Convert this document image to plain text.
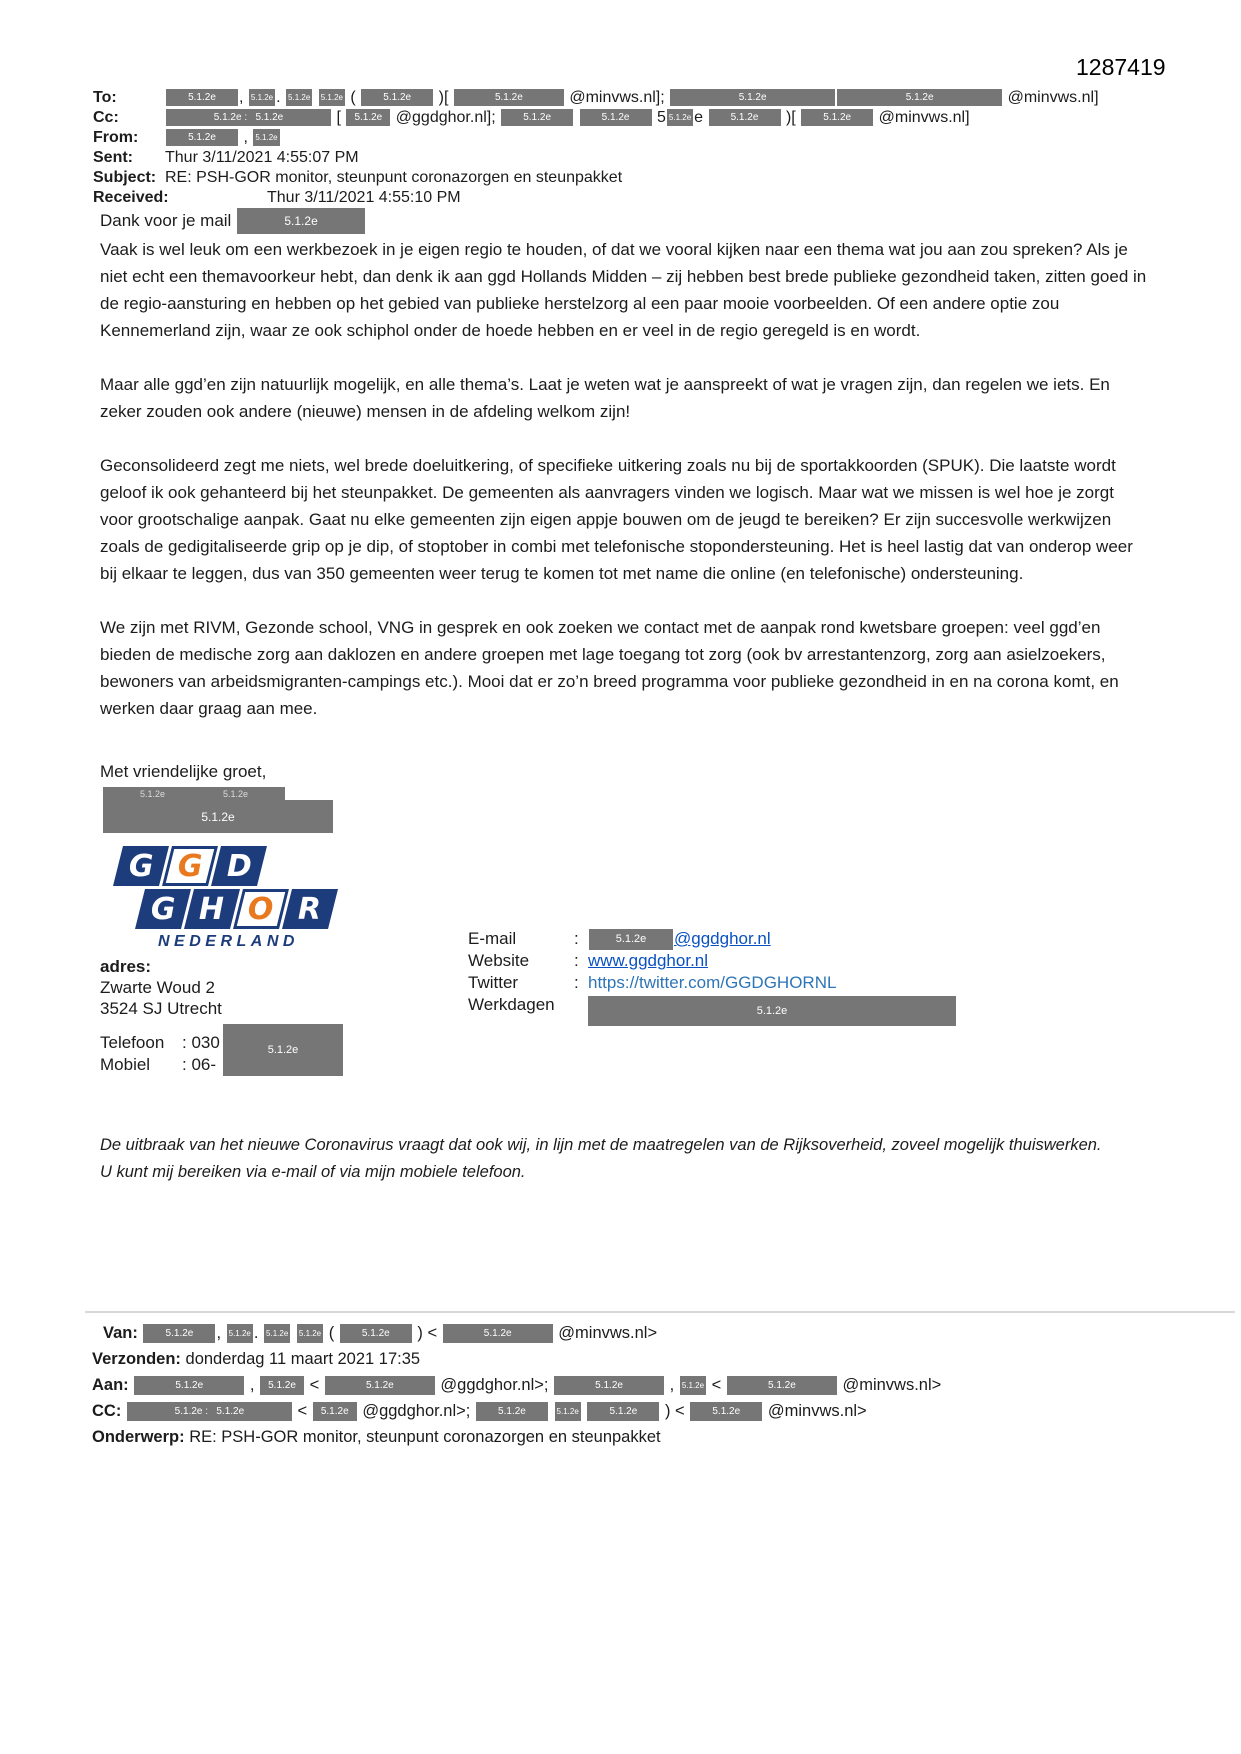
1287419
To:	5.1.2e , 5.1.2e . 5.1.2e 5.1.2e ( 5.1.2e )[	5.1.2e	@minvws.nl];	5.1.2e	5.1.2e	@minvws.nl]
Cc:	5.1.2e :   5.1.2e	[ 5.1.2e @ggdghor.nl]; 5.1.2e	5.1.2e 5 5.1.2e e 5.1.2e )[ 5.1.2e @minvws.nl]
From:	5.1.2e , 5.1.2e
Sent:	Thur 3/11/2021 4:55:07 PM
Subject: RE: PSH-GOR monitor, steunpunt coronazorgen en steunpakket
Received:	Thur 3/11/2021 4:55:10 PM
Dank voor je mail	5.1.2e

Vaak is wel leuk om een werkbezoek in je eigen regio te houden, of dat we vooral kijken naar een thema wat jou aan zou spreken? Als je niet echt een themavoorkeur hebt, dan denk ik aan ggd Hollands Midden – zij hebben best brede publieke gezondheid taken, zitten goed in de regio-aansturing en hebben op het gebied van publieke herstelzorg al een paar mooie voorbeelden. Of een andere optie zou Kennemerland zijn, waar ze ook schiphol onder de hoede hebben en er veel in de regio geregeld is en wordt.

Maar alle ggd’en zijn natuurlijk mogelijk, en alle thema’s. Laat je weten wat je aanspreekt of wat je vragen zijn, dan regelen we iets. En zeker zouden ook andere (nieuwe) mensen in de afdeling welkom zijn!

Geconsolideerd zegt me niets, wel brede doeluitkering, of specifieke uitkering zoals nu bij de sportakkoorden (SPUK). Die laatste wordt geloof ik ook gehanteerd bij het steunpakket. De gemeenten als aanvragers vinden we logisch. Maar wat we missen is wel hoe je zorgt voor grootschalige aanpak. Gaat nu elke gemeenten zijn eigen appje bouwen om de jeugd te bereiken? Er zijn succesvolle werkwijzen zoals de gedigitaliseerde grip op je dip, of stoptober in combi met telefonische stopondersteuning. Het is heel lastig dat van onderop weer bij elkaar te leggen, dus van 350 gemeenten weer terug te komen tot met name die online (en telefonische) ondersteuning.

We zijn met RIVM, Gezonde school, VNG in gesprek en ook zoeken we contact met de aanpak rond kwetsbare groepen: veel ggd’en bieden de medische zorg aan daklozen en andere groepen met lage toegang tot zorg (ook bv arrestantenzorg, zorg aan asielzoekers, bewoners van arbeidsmigranten-campings etc.). Mooi dat er zo’n breed programma voor publieke gezondheid in en na corona komt, en werken daar graag aan mee.

Met vriendelijke groet,
5.1.2e	5.1.2e
5.1.2e
G G D
G H O R
NEDERLAND
adres:
Zwarte Woud 2
3524 SJ Utrecht
Telefoon	: 030
Mobiel	: 06-
5.1.2e
E-mail	:	5.1.2e	@ggdghor.nl
Website	: www.ggdghor.nl
Twitter	: https://twitter.com/GGDGHORNL
Werkdagen	5.1.2e
De uitbraak van het nieuwe Coronavirus vraagt dat ook wij, in lijn met de maatregelen van de Rijksoverheid, zoveel mogelijk thuiswerken. U kunt mij bereiken via e-mail of via mijn mobiele telefoon.
Van:	5.1.2e , 5.1.2e . 5.1.2e 5.1.2e ( 5.1.2e ) <	5.1.2e	@minvws.nl>
Verzonden: donderdag 11 maart 2021 17:35
Aan:	5.1.2e	, 5.1.2e <	5.1.2e	@ggdghor.nl>;	5.1.2e	, 5.1.2e <	5.1.2e	@minvws.nl>
CC:	5.1.2e :   5.1.2e	< 5.1.2e @ggdghor.nl>; 5.1.2e	5.1.2e	5.1.2e ) < 5.1.2e @minvws.nl>
Onderwerp: RE: PSH-GOR monitor, steunpunt coronazorgen en steunpakket
